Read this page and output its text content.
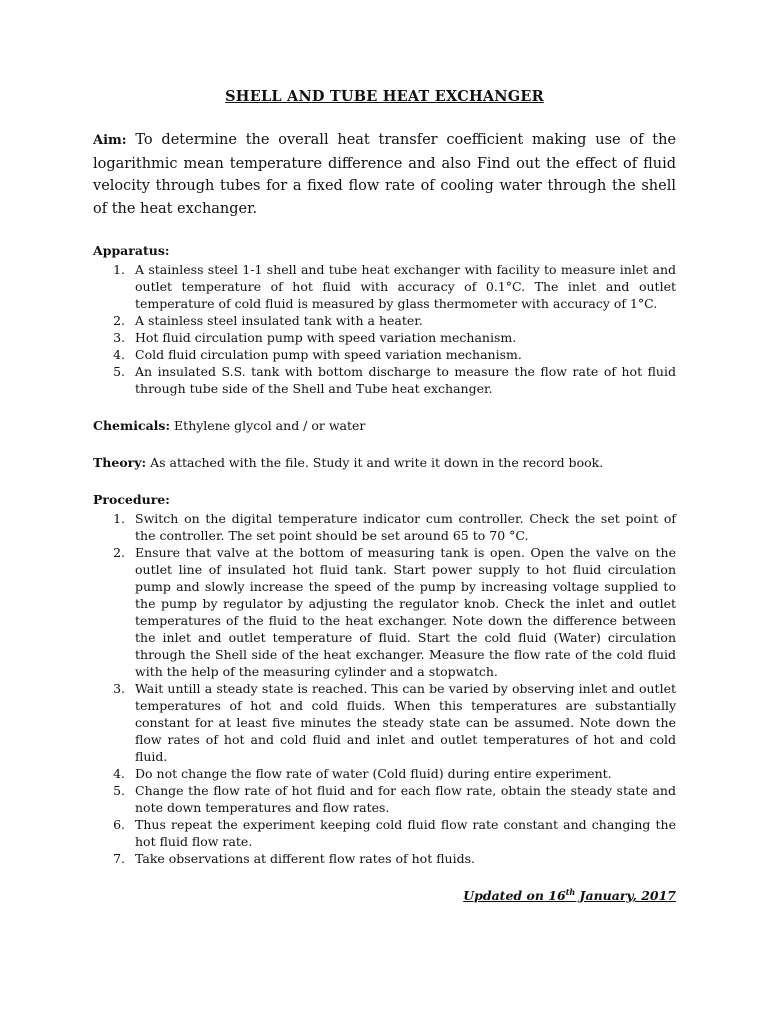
SHELL AND TUBE HEAT EXCHANGER
Aim: To determine the overall heat transfer coefficient making use of the logarithmic mean temperature difference and also Find out the effect of fluid velocity through tubes for a fixed flow rate of cooling water through the shell of the heat exchanger.
Apparatus:
1. A stainless steel 1-1 shell and tube heat exchanger with facility to measure inlet and outlet temperature of hot fluid with accuracy of 0.1°C. The inlet and outlet temperature of cold fluid is measured by glass thermometer with accuracy of 1°C.
2. A stainless steel insulated tank with a heater.
3. Hot fluid circulation pump with speed variation mechanism.
4. Cold fluid circulation pump with speed variation mechanism.
5. An insulated S.S. tank with bottom discharge to measure the flow rate of hot fluid through tube side of the Shell and Tube heat exchanger.
Chemicals: Ethylene glycol and / or water
Theory: As attached with the file. Study it and write it down in the record book.
Procedure:
1. Switch on the digital temperature indicator cum controller. Check the set point of the controller. The set point should be set around 65 to 70 °C.
2. Ensure that valve at the bottom of measuring tank is open. Open the valve on the outlet line of insulated hot fluid tank. Start power supply to hot fluid circulation pump and slowly increase the speed of the pump by increasing voltage supplied to the pump by regulator by adjusting the regulator knob. Check the inlet and outlet temperatures of the fluid to the heat exchanger. Note down the difference between the inlet and outlet temperature of fluid. Start the cold fluid (Water) circulation through the Shell side of the heat exchanger. Measure the flow rate of the cold fluid with the help of the measuring cylinder and a stopwatch.
3. Wait untill a steady state is reached. This can be varied by observing inlet and outlet temperatures of hot and cold fluids. When this temperatures are substantially constant for at least five minutes the steady state can be assumed. Note down the flow rates of hot and cold fluid and inlet and outlet temperatures of hot and cold fluid.
4. Do not change the flow rate of water (Cold fluid) during entire experiment.
5. Change the flow rate of hot fluid and for each flow rate, obtain the steady state and note down temperatures and flow rates.
6. Thus repeat the experiment keeping cold fluid flow rate constant and changing the hot fluid flow rate.
7. Take observations at different flow rates of hot fluids.
Updated on 16th January, 2017
